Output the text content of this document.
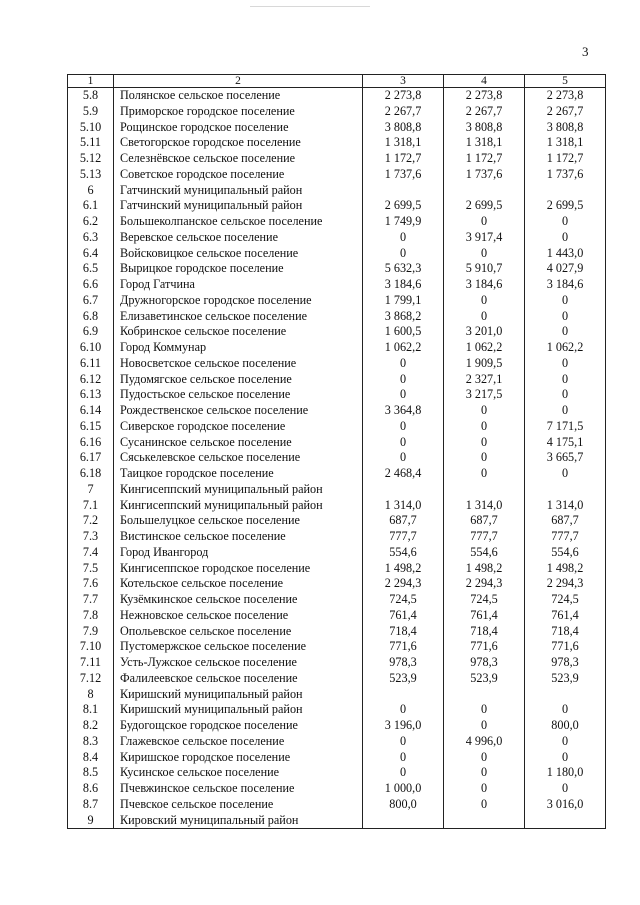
3
1	2	3	4	5
5.8	Полянское сельское поселение	2 273,8	2 273,8	2 273,8
5.9	Приморское городское поселение	2 267,7	2 267,7	2 267,7
5.10	Рощинское городское поселение	3 808,8	3 808,8	3 808,8
5.11	Светогорское городское поселение	1 318,1	1 318,1	1 318,1
5.12	Селезнёвское сельское поселение	1 172,7	1 172,7	1 172,7
5.13	Советское городское поселение	1 737,6	1 737,6	1 737,6
6	Гатчинский муниципальный район			
6.1	Гатчинский муниципальный район	2 699,5	2 699,5	2 699,5
6.2	Большеколпанское сельское поселение	1 749,9	0	0
6.3	Веревское сельское поселение	0	3 917,4	0
6.4	Войсковицкое сельское поселение	0	0	1 443,0
6.5	Вырицкое городское поселение	5 632,3	5 910,7	4 027,9
6.6	Город Гатчина	3 184,6	3 184,6	3 184,6
6.7	Дружногорское городское поселение	1 799,1	0	0
6.8	Елизаветинское сельское поселение	3 868,2	0	0
6.9	Кобринское сельское поселение	1 600,5	3 201,0	0
6.10	Город Коммунар	1 062,2	1 062,2	1 062,2
6.11	Новосветское сельское поселение	0	1 909,5	0
6.12	Пудомягское сельское поселение	0	2 327,1	0
6.13	Пудостьское сельское поселение	0	3 217,5	0
6.14	Рождественское сельское поселение	3 364,8	0	0
6.15	Сиверское городское поселение	0	0	7 171,5
6.16	Сусанинское сельское поселение	0	0	4 175,1
6.17	Сяськелевское сельское поселение	0	0	3 665,7
6.18	Таицкое городское поселение	2 468,4	0	0
7	Кингисеппский муниципальный район			
7.1	Кингисеппский муниципальный район	1 314,0	1 314,0	1 314,0
7.2	Большелуцкое сельское поселение	687,7	687,7	687,7
7.3	Вистинское сельское поселение	777,7	777,7	777,7
7.4	Город Ивангород	554,6	554,6	554,6
7.5	Кингисеппское городское поселение	1 498,2	1 498,2	1 498,2
7.6	Котельское сельское поселение	2 294,3	2 294,3	2 294,3
7.7	Кузёмкинское сельское поселение	724,5	724,5	724,5
7.8	Нежновское сельское поселение	761,4	761,4	761,4
7.9	Опольевское сельское поселение	718,4	718,4	718,4
7.10	Пустомержское сельское поселение	771,6	771,6	771,6
7.11	Усть-Лужское сельское поселение	978,3	978,3	978,3
7.12	Фалилеевское сельское поселение	523,9	523,9	523,9
8	Киришский муниципальный район			
8.1	Киришский муниципальный район	0	0	0
8.2	Будогощское городское поселение	3 196,0	0	800,0
8.3	Глажевское сельское поселение	0	4 996,0	0
8.4	Киришское городское поселение	0	0	0
8.5	Кусинское сельское поселение	0	0	1 180,0
8.6	Пчевжинское сельское поселение	1 000,0	0	0
8.7	Пчевское сельское поселение	800,0	0	3 016,0
9	Кировский муниципальный район			
